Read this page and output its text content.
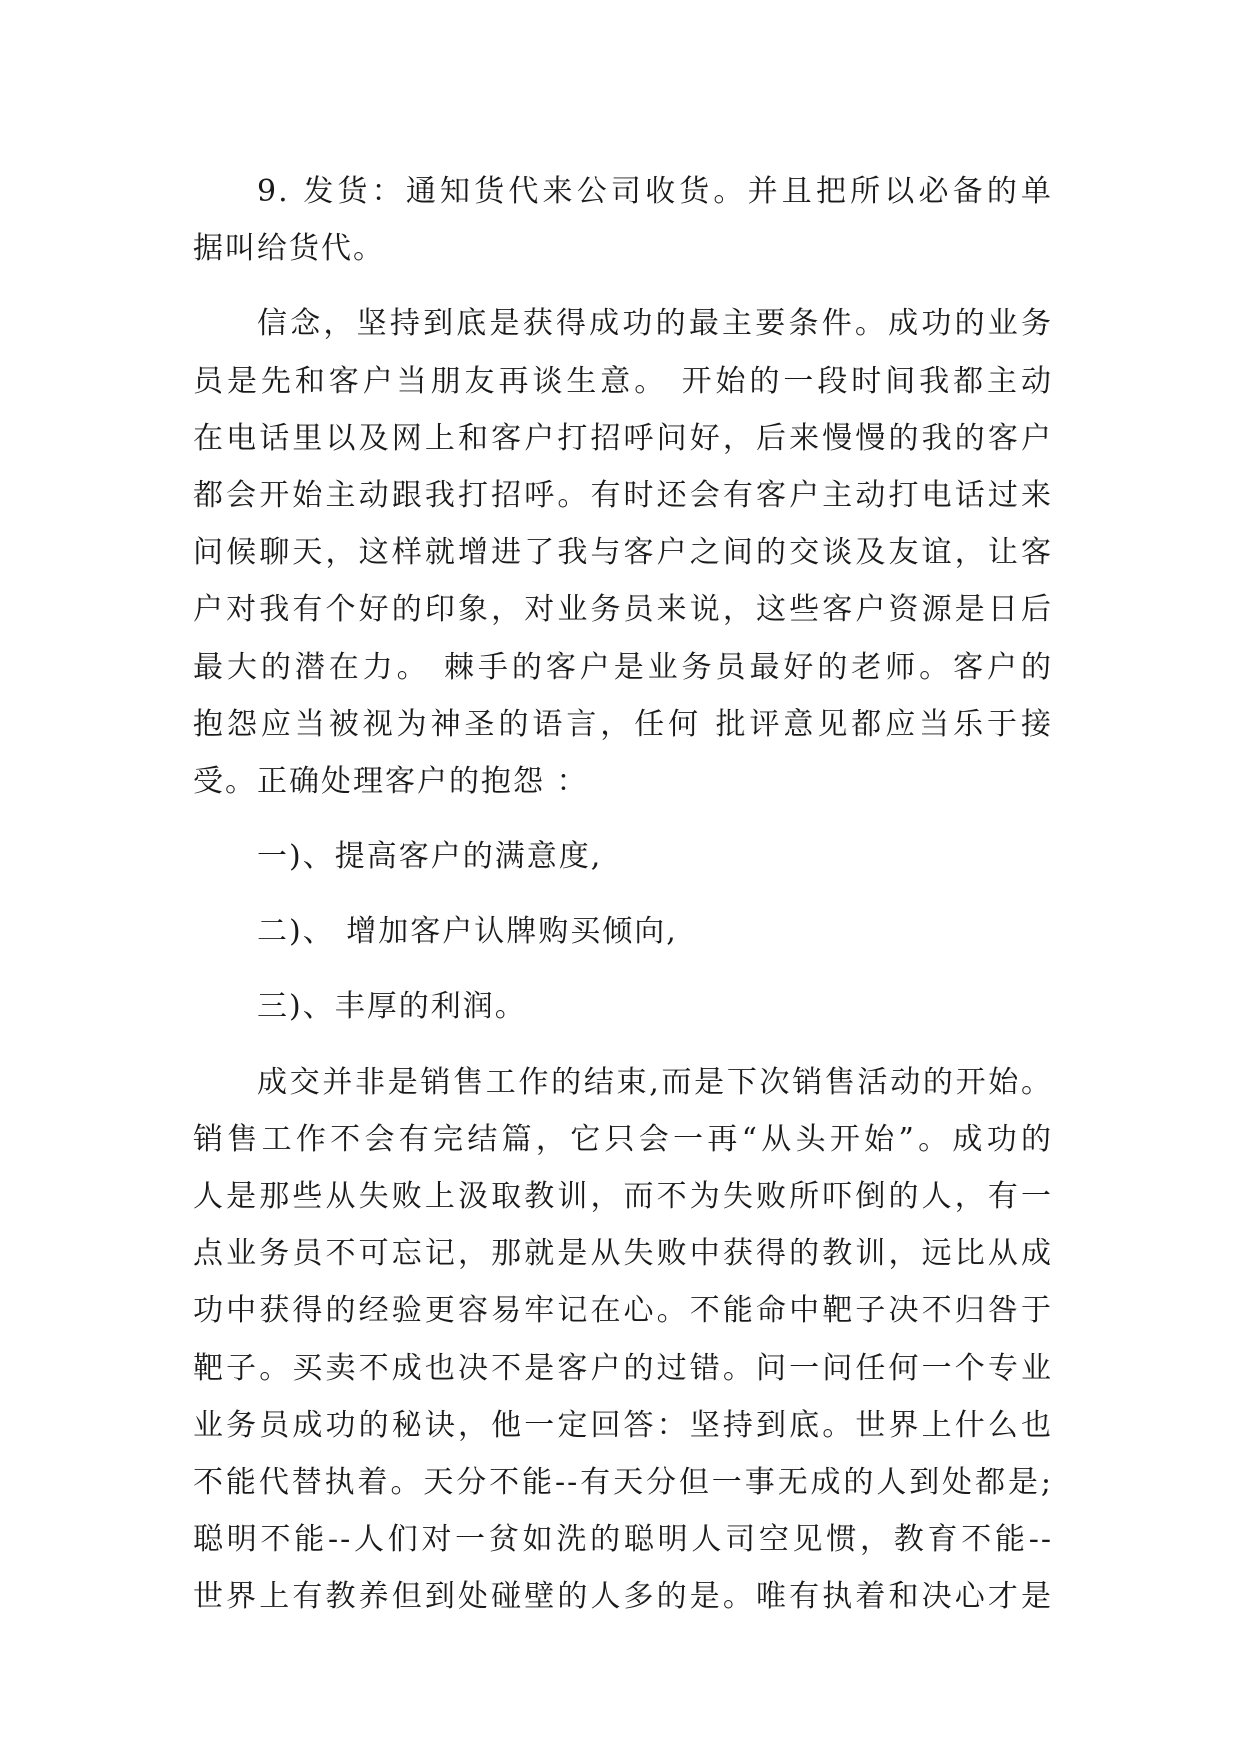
9. 发货：通知货代来公司收货。并且把所以必备的单
据叫给货代。
信念，坚持到底是获得成功的最主要条件。成功的业务
员是先和客户当朋友再谈生意。 开始的一段时间我都主动
在电话里以及网上和客户打招呼问好，后来慢慢的我的客户
都会开始主动跟我打招呼。有时还会有客户主动打电话过来
问候聊天，这样就增进了我与客户之间的交谈及友谊，让客
户对我有个好的印象，对业务员来说，这些客户资源是日后
最大的潜在力。 棘手的客户是业务员最好的老师。客户的
抱怨应当被视为神圣的语言，任何 批评意见都应当乐于接
受。正确处理客户的抱怨 ：
一)、提高客户的满意度,
二)、 增加客户认牌购买倾向,
三)、丰厚的利润。
成交并非是销售工作的结束,而是下次销售活动的开始。
销售工作不会有完结篇，它只会一再“从头开始”。成功的
人是那些从失败上汲取教训，而不为失败所吓倒的人，有一
点业务员不可忘记，那就是从失败中获得的教训，远比从成
功中获得的经验更容易牢记在心。不能命中靶子决不归咎于
靶子。买卖不成也决不是客户的过错。问一问任何一个专业
业务员成功的秘诀，他一定回答：坚持到底。世界上什么也
不能代替执着。天分不能--有天分但一事无成的人到处都是;
聪明不能--人们对一贫如洗的聪明人司空见惯，教育不能--
世界上有教养但到处碰壁的人多的是。唯有执着和决心才是
